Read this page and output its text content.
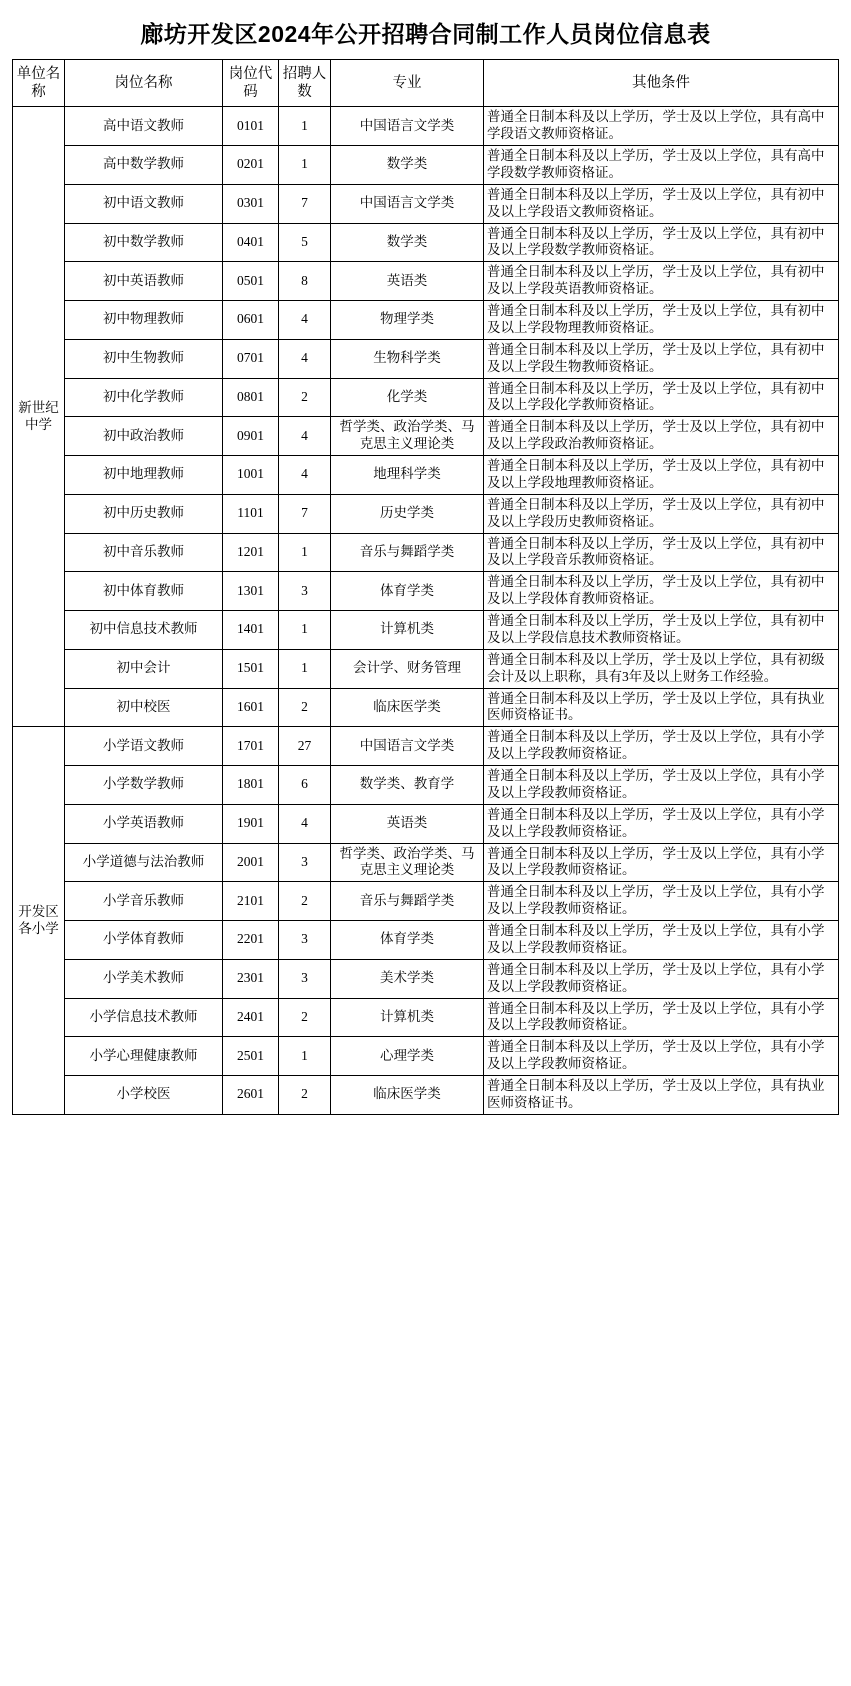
廊坊开发区2024年公开招聘合同制工作人员岗位信息表
单位名称	岗位名称	岗位代码	招聘人数	专业	其他条件
新世纪中学	高中语文教师	0101	1	中国语言文学类	普通全日制本科及以上学历，学士及以上学位，具有高中学段语文教师资格证。
	高中数学教师	0201	1	数学类	普通全日制本科及以上学历，学士及以上学位，具有高中学段数学教师资格证。
	初中语文教师	0301	7	中国语言文学类	普通全日制本科及以上学历，学士及以上学位，具有初中及以上学段语文教师资格证。
	初中数学教师	0401	5	数学类	普通全日制本科及以上学历，学士及以上学位，具有初中及以上学段数学教师资格证。
	初中英语教师	0501	8	英语类	普通全日制本科及以上学历，学士及以上学位，具有初中及以上学段英语教师资格证。
	初中物理教师	0601	4	物理学类	普通全日制本科及以上学历，学士及以上学位，具有初中及以上学段物理教师资格证。
	初中生物教师	0701	4	生物科学类	普通全日制本科及以上学历，学士及以上学位，具有初中及以上学段生物教师资格证。
	初中化学教师	0801	2	化学类	普通全日制本科及以上学历，学士及以上学位，具有初中及以上学段化学教师资格证。
	初中政治教师	0901	4	哲学类、政治学类、马克思主义理论类	普通全日制本科及以上学历，学士及以上学位，具有初中及以上学段政治教师资格证。
	初中地理教师	1001	4	地理科学类	普通全日制本科及以上学历，学士及以上学位，具有初中及以上学段地理教师资格证。
	初中历史教师	1101	7	历史学类	普通全日制本科及以上学历，学士及以上学位，具有初中及以上学段历史教师资格证。
	初中音乐教师	1201	1	音乐与舞蹈学类	普通全日制本科及以上学历，学士及以上学位，具有初中及以上学段音乐教师资格证。
	初中体育教师	1301	3	体育学类	普通全日制本科及以上学历，学士及以上学位，具有初中及以上学段体育教师资格证。
	初中信息技术教师	1401	1	计算机类	普通全日制本科及以上学历，学士及以上学位，具有初中及以上学段信息技术教师资格证。
	初中会计	1501	1	会计学、财务管理	普通全日制本科及以上学历，学士及以上学位，具有初级会计及以上职称，具有3年及以上财务工作经验。
	初中校医	1601	2	临床医学类	普通全日制本科及以上学历，学士及以上学位，具有执业医师资格证书。
开发区各小学	小学语文教师	1701	27	中国语言文学类	普通全日制本科及以上学历，学士及以上学位，具有小学及以上学段教师资格证。
	小学数学教师	1801	6	数学类、教育学	普通全日制本科及以上学历，学士及以上学位，具有小学及以上学段教师资格证。
	小学英语教师	1901	4	英语类	普通全日制本科及以上学历，学士及以上学位，具有小学及以上学段教师资格证。
	小学道德与法治教师	2001	3	哲学类、政治学类、马克思主义理论类	普通全日制本科及以上学历，学士及以上学位，具有小学及以上学段教师资格证。
	小学音乐教师	2101	2	音乐与舞蹈学类	普通全日制本科及以上学历，学士及以上学位，具有小学及以上学段教师资格证。
	小学体育教师	2201	3	体育学类	普通全日制本科及以上学历，学士及以上学位，具有小学及以上学段教师资格证。
	小学美术教师	2301	3	美术学类	普通全日制本科及以上学历，学士及以上学位，具有小学及以上学段教师资格证。
	小学信息技术教师	2401	2	计算机类	普通全日制本科及以上学历，学士及以上学位，具有小学及以上学段教师资格证。
	小学心理健康教师	2501	1	心理学类	普通全日制本科及以上学历，学士及以上学位，具有小学及以上学段教师资格证。
	小学校医	2601	2	临床医学类	普通全日制本科及以上学历，学士及以上学位，具有执业医师资格证书。
